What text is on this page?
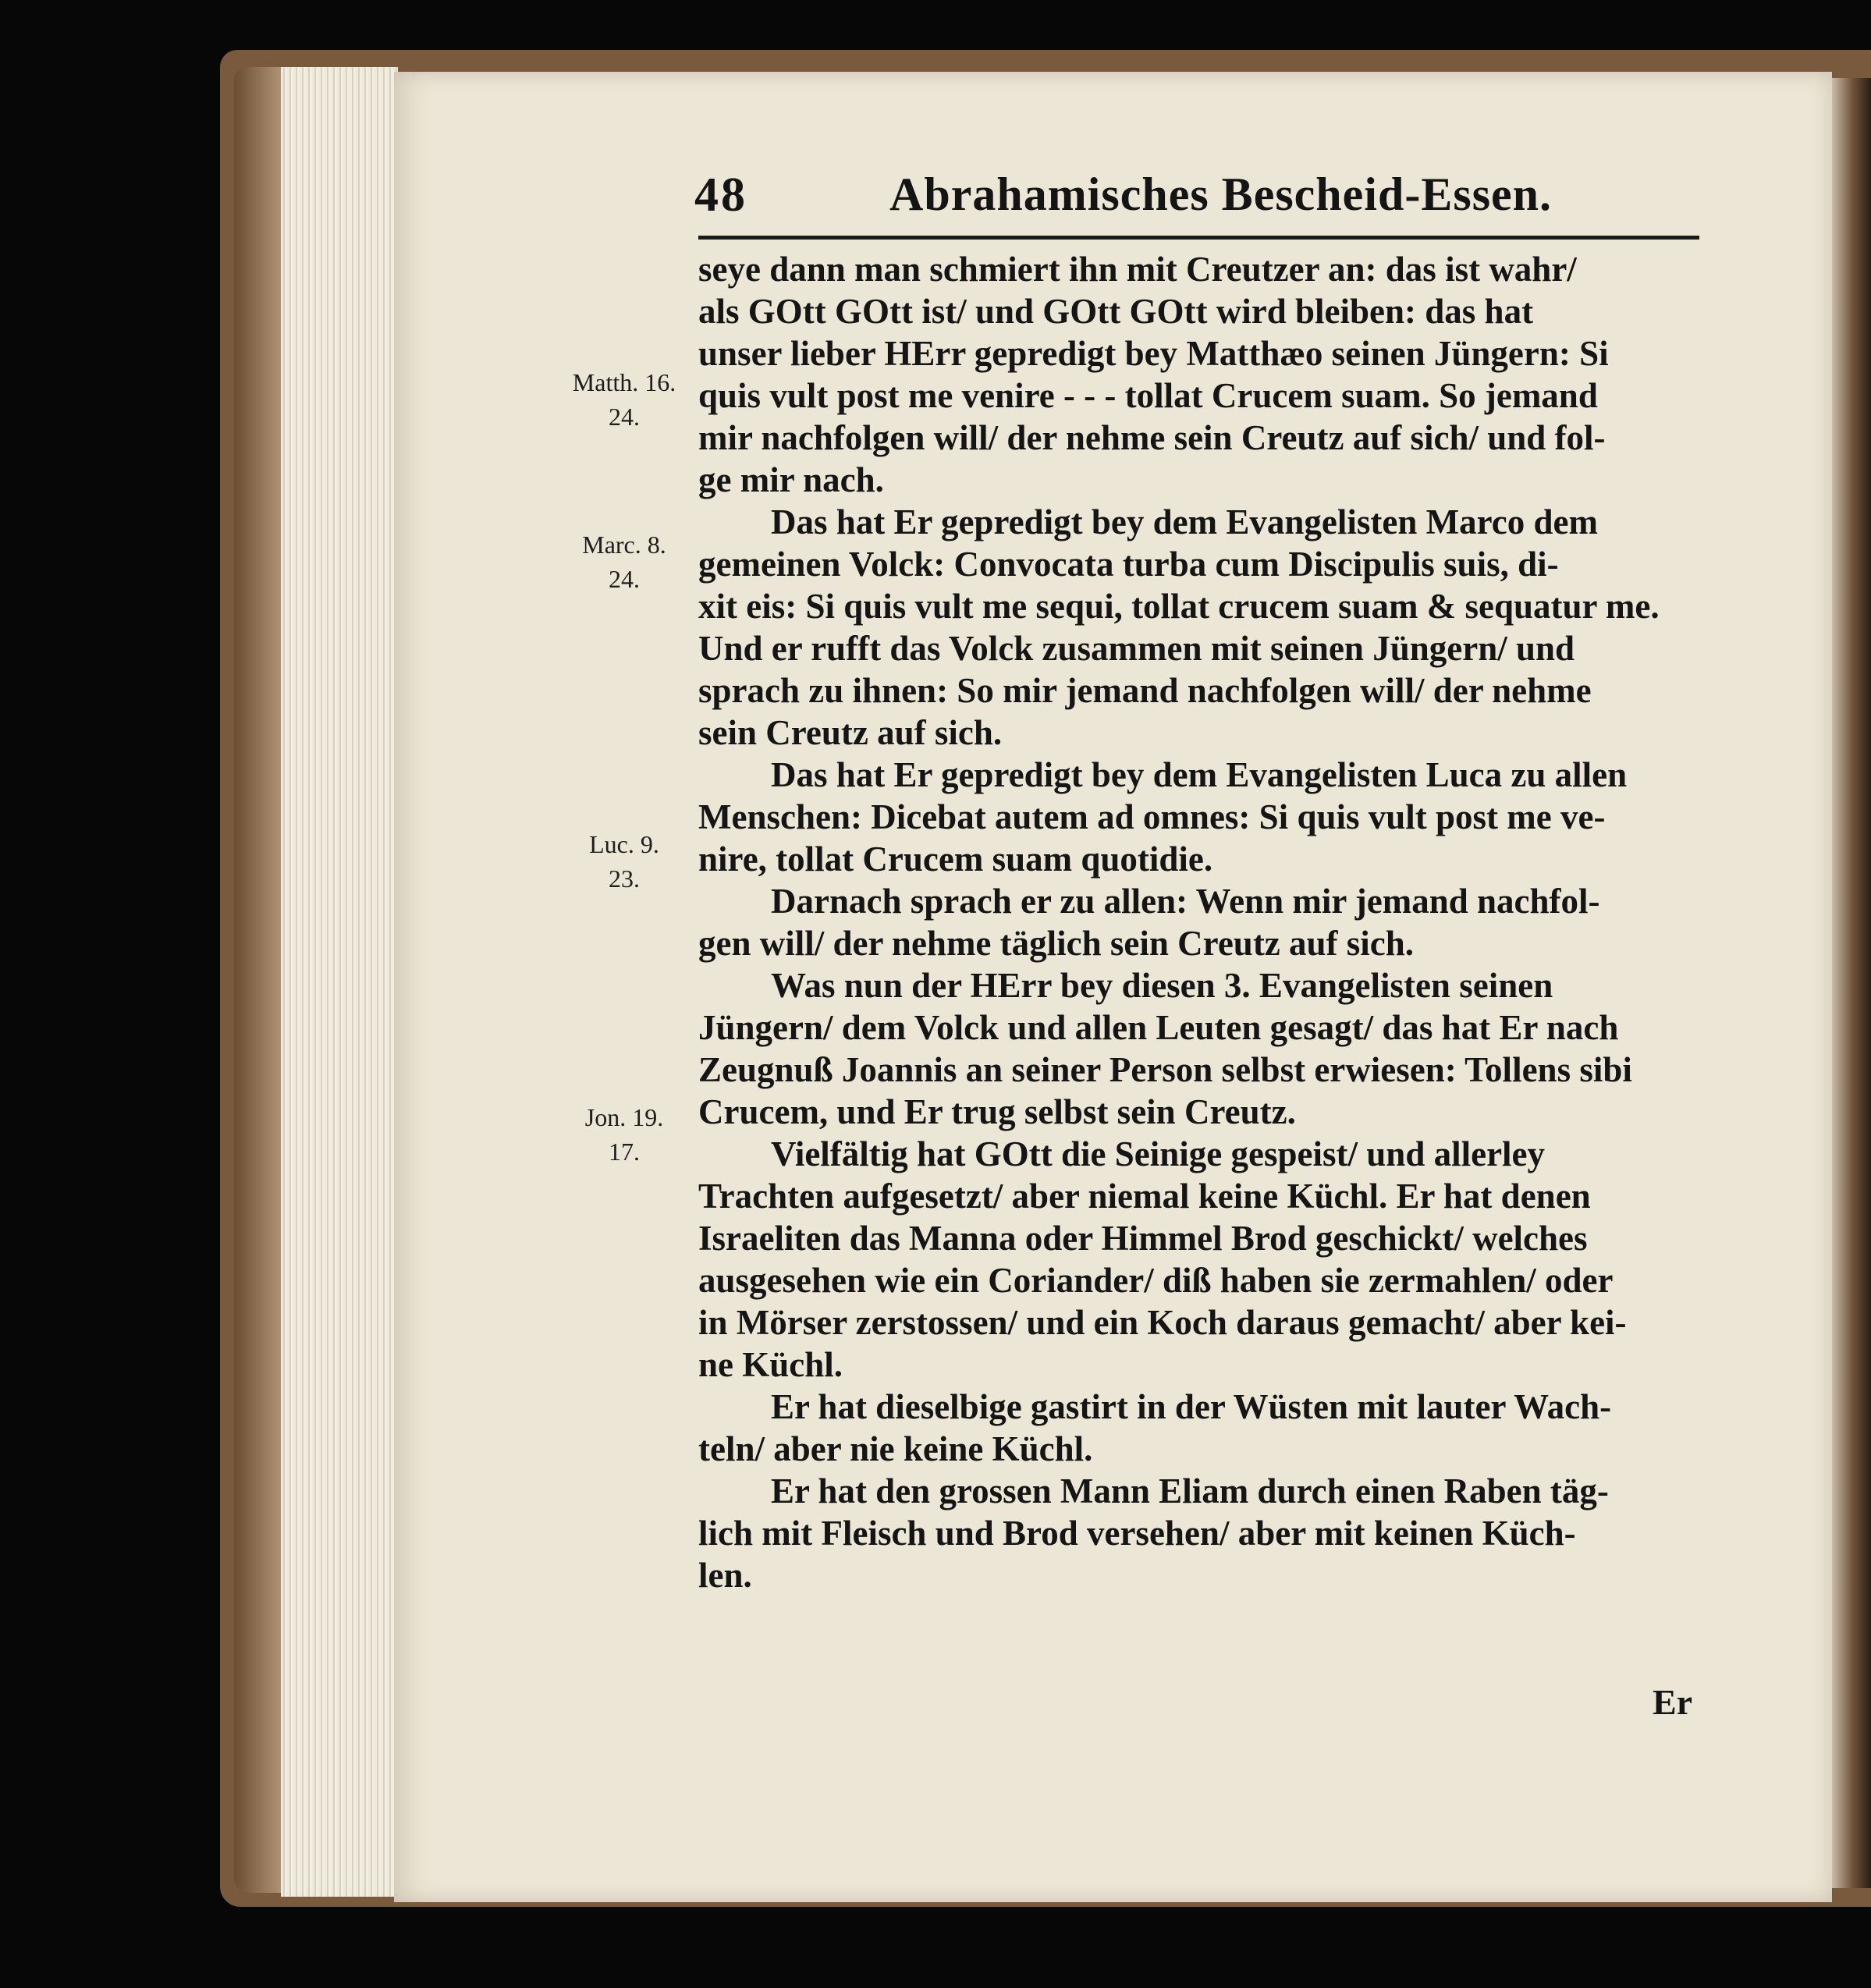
48	Abrahamisches Bescheid-Essen.
Matth. 16.
24.
Marc. 8.
24.
Luc. 9.
23.
Jon. 19.
17.
seye dann man schmiert ihn mit Creutzer an: das ist wahr/
als GOtt GOtt ist/ und GOtt GOtt wird bleiben: das hat
unser lieber HErr gepredigt bey Matthæo seinen Jüngern: Si
quis vult post me venire - - - tollat Crucem suam. So jemand
mir nachfolgen will/ der nehme sein Creutz auf sich/ und fol-
ge mir nach.
Das hat Er gepredigt bey dem Evangelisten Marco dem
gemeinen Volck: Convocata turba cum Discipulis suis, di-
xit eis: Si quis vult me sequi, tollat crucem suam & sequatur me.
Und er rufft das Volck zusammen mit seinen Jüngern/ und
sprach zu ihnen: So mir jemand nachfolgen will/ der nehme
sein Creutz auf sich.
Das hat Er gepredigt bey dem Evangelisten Luca zu allen
Menschen: Dicebat autem ad omnes: Si quis vult post me ve-
nire, tollat Crucem suam quotidie.
Darnach sprach er zu allen: Wenn mir jemand nachfol-
gen will/ der nehme täglich sein Creutz auf sich.
Was nun der HErr bey diesen 3. Evangelisten seinen
Jüngern/ dem Volck und allen Leuten gesagt/ das hat Er nach
Zeugnuß Joannis an seiner Person selbst erwiesen: Tollens sibi
Crucem, und Er trug selbst sein Creutz.
Vielfältig hat GOtt die Seinige gespeist/ und allerley
Trachten aufgesetzt/ aber niemal keine Küchl. Er hat denen
Israeliten das Manna oder Himmel Brod geschickt/ welches
ausgesehen wie ein Coriander/ diß haben sie zermahlen/ oder
in Mörser zerstossen/ und ein Koch daraus gemacht/ aber kei-
ne Küchl.
Er hat dieselbige gastirt in der Wüsten mit lauter Wach-
teln/ aber nie keine Küchl.
Er hat den grossen Mann Eliam durch einen Raben täg-
lich mit Fleisch und Brod versehen/ aber mit keinen Küch-
len.
Er
